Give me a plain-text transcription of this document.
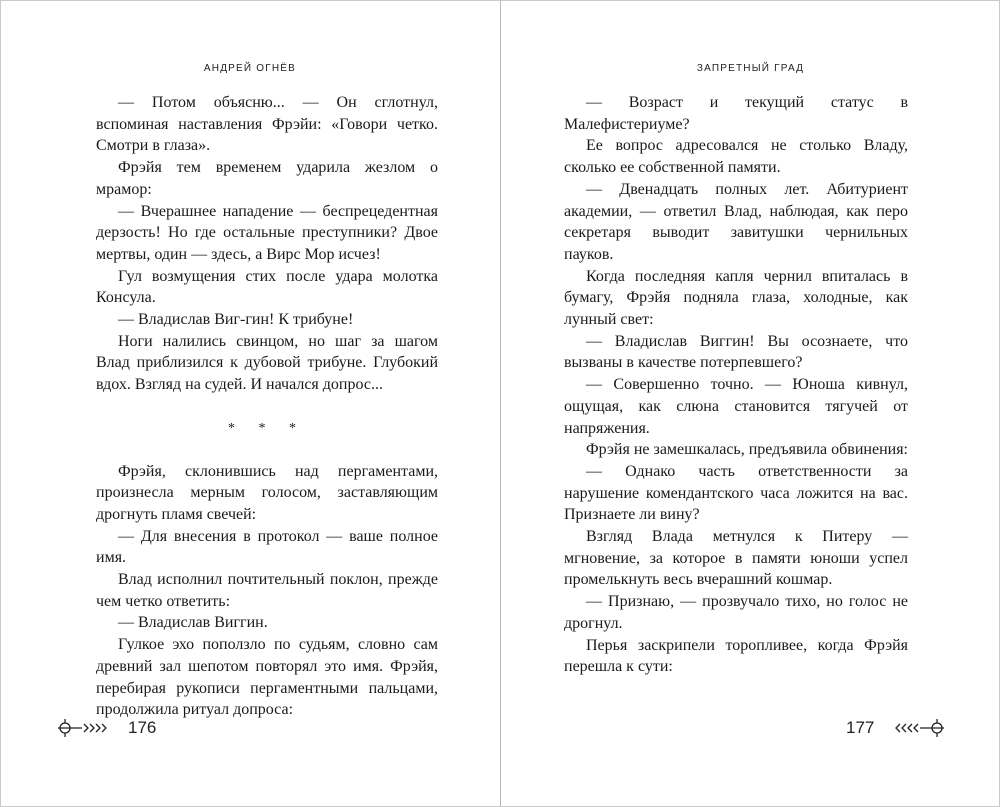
АНДРЕЙ ОГНЁВ

— Потом объясню... — Он сглотнул, вспоминая наставления Фрэйи: «Говори четко. Смотри в глаза».

Фрэйя тем временем ударила жезлом о мрамор:

— Вчерашнее нападение — беспрецедентная дерзость! Но где остальные преступники? Двое мертвы, один — здесь, а Вирс Мор исчез!

Гул возмущения стих после удара молотка Консула.

— Владислав Виг-гин! К трибуне!

Ноги налились свинцом, но шаг за шагом Влад приблизился к дубовой трибуне. Глубокий вдох. Взгляд на судей. И начался допрос...

* * *

Фрэйя, склонившись над пергаментами, произнесла мерным голосом, заставляющим дрогнуть пламя свечей:

— Для внесения в протокол — ваше полное имя.

Влад исполнил почтительный поклон, прежде чем четко ответить:

— Владислав Виггин.

Гулкое эхо поползло по судьям, словно сам древний зал шепотом повторял это имя. Фрэйя, перебирая рукописи пергаментными пальцами, продолжила ритуал допроса:

176
ЗАПРЕТНЫЙ ГРАД

— Возраст и текущий статус в Малефистериуме?

Ее вопрос адресовался не столько Владу, сколько ее собственной памяти.

— Двенадцать полных лет. Абитуриент академии, — ответил Влад, наблюдая, как перо секретаря выводит завитушки чернильных пауков.

Когда последняя капля чернил впиталась в бумагу, Фрэйя подняла глаза, холодные, как лунный свет:

— Владислав Виггин! Вы осознаете, что вызваны в качестве потерпевшего?

— Совершенно точно. — Юноша кивнул, ощущая, как слюна становится тягучей от напряжения.

Фрэйя не замешкалась, предъявила обвинения:

— Однако часть ответственности за нарушение комендантского часа ложится на вас. Признаете ли вину?

Взгляд Влада метнулся к Питеру — мгновение, за которое в памяти юноши успел промелькнуть весь вчерашний кошмар.

— Признаю, — прозвучало тихо, но голос не дрогнул.

Перья заскрипели торопливее, когда Фрэйя перешла к сути:

177
